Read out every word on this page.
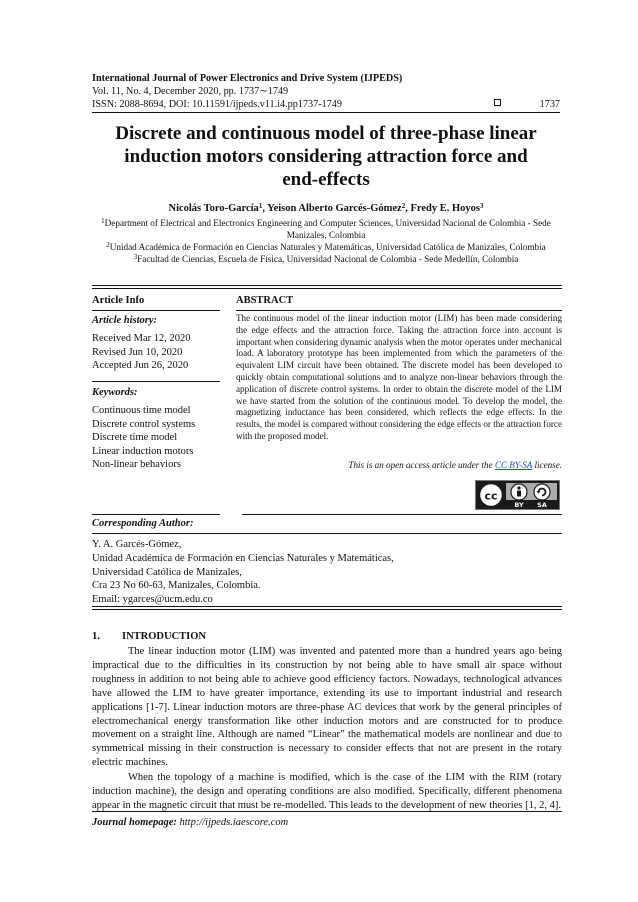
International Journal of Power Electronics and Drive System (IJPEDS)
Vol. 11, No. 4, December 2020, pp. 1737∼1749
ISSN: 2088-8694, DOI: 10.11591/ijpeds.v11.i4.pp1737-1749	1737
Discrete and continuous model of three-phase linear
induction motors considering attraction force and
end-effects
Nicolás Toro-García$^1$, Yeison Alberto Garcés-Gómez$^2$, Fredy E. Hoyos$^3$
$^1$Department of Electrical and Electronics Engineering and Computer Sciences, Universidad Nacional de Colombia - Sede
Manizales, Colombia
$^2$Unidad Académica de Formación en Ciencias Naturales y Matemáticas, Universidad Católica de Manizales, Colombia
$^3$Facultad de Ciencias, Escuela de Física, Universidad Nacional de Colombia - Sede Medellín, Colombia
Article Info
Article history:
Received Mar 12, 2020
Revised Jun 10, 2020
Accepted Jun 26, 2020
Keywords:
Continuous time model
Discrete control systems
Discrete time model
Linear induction motors
Non-linear behaviors
ABSTRACT
The continuous model of the linear induction motor (LIM) has been made considering the edge effects and the attraction force. Taking the attraction force into account is important when considering dynamic analysis when the motor operates under mechanical load. A laboratory prototype has been implemented from which the parameters of the equivalent LIM circuit have been obtained. The discrete model has been developed to quickly obtain computational solutions and to analyze non-linear behaviors through the application of discrete control systems. In order to obtain the discrete model of the LIM we have started from the solution of the continuous model. To develop the model, the magnetizing inductance has been considered, which reflects the edge effects. In the results, the model is compared without considering the edge effects or the attraction force with the proposed model.
This is an open access article under the CC BY-SA license.
cc
BY SA
Corresponding Author:
Y. A. Garcés-Gómez,
Unidad Académica de Formación en Ciencias Naturales y Matemáticas,
Universidad Católica de Manizales,
Cra 23 No 60-63, Manizales, Colombia.
Email: ygarces@ucm.edu.co
1. INTRODUCTION

The linear induction motor (LIM) was invented and patented more than a hundred years ago being impractical due to the difficulties in its construction by not being able to have small air space without roughness in addition to not being able to achieve good efficiency factors. Nowadays, technological advances have allowed the LIM to have greater importance, extending its use to important industrial and research applications [1-7]. Linear induction motors are three-phase AC devices that work by the general principles of electromechanical energy transformation like other induction motors and are constructed for to produce movement on a straight line. Although are named “Linear” the mathematical models are nonlinear and due to symmetrical missing in their construction is necessary to consider effects that not are present in the rotary electric machines.

When the topology of a machine is modified, which is the case of the LIM with the RIM (rotary induction machine), the design and operating conditions are also modified. Specifically, different phenomena appear in the magnetic circuit that must be re-modelled. This leads to the development of new theories [1, 2, 4].

Journal homepage: http://ijpeds.iaescore.com
